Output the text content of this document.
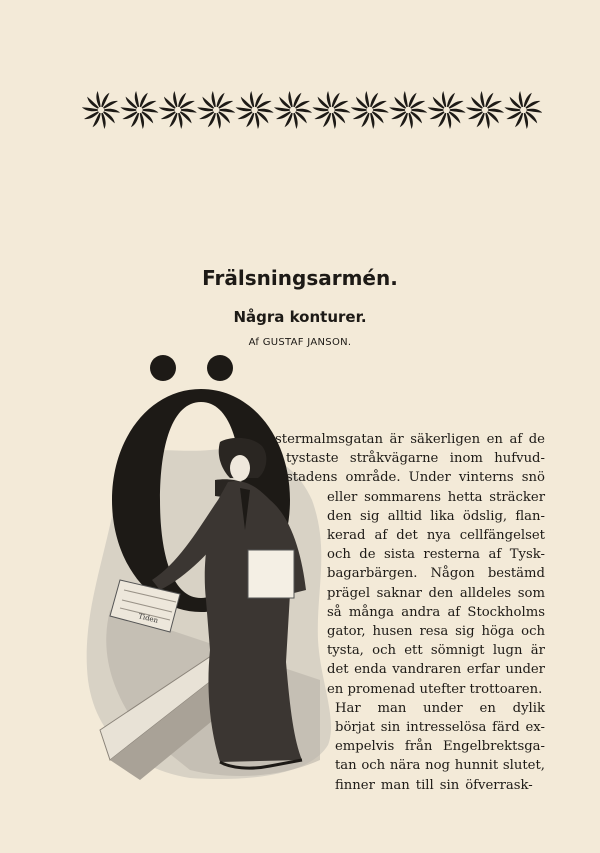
Frälsningsarmén.
Några konturer.

Af GUSTAF JANSON.

Tiden
stermalmsgatan är säkerligen en af de
tystaste stråkvägarne inom hufvud-
stadens område. Under vinterns snö
eller sommarens hetta sträcker
den sig alltid lika ödslig, flan-
kerad af det nya cellfängelset
och de sista resterna af Tysk-
bagarbärgen. Någon bestämd
prägel saknar den alldeles som
så många andra af Stockholms
gator, husen resa sig höga och
tysta, och ett sömnigt lugn är
det enda vandraren erfar under
en promenad utefter trottoaren.
Har man under en dylik
börjat sin intresselösa färd ex-
empelvis från Engelbrektsga-
tan och nära nog hunnit slutet,
finner man till sin öfverrask-
